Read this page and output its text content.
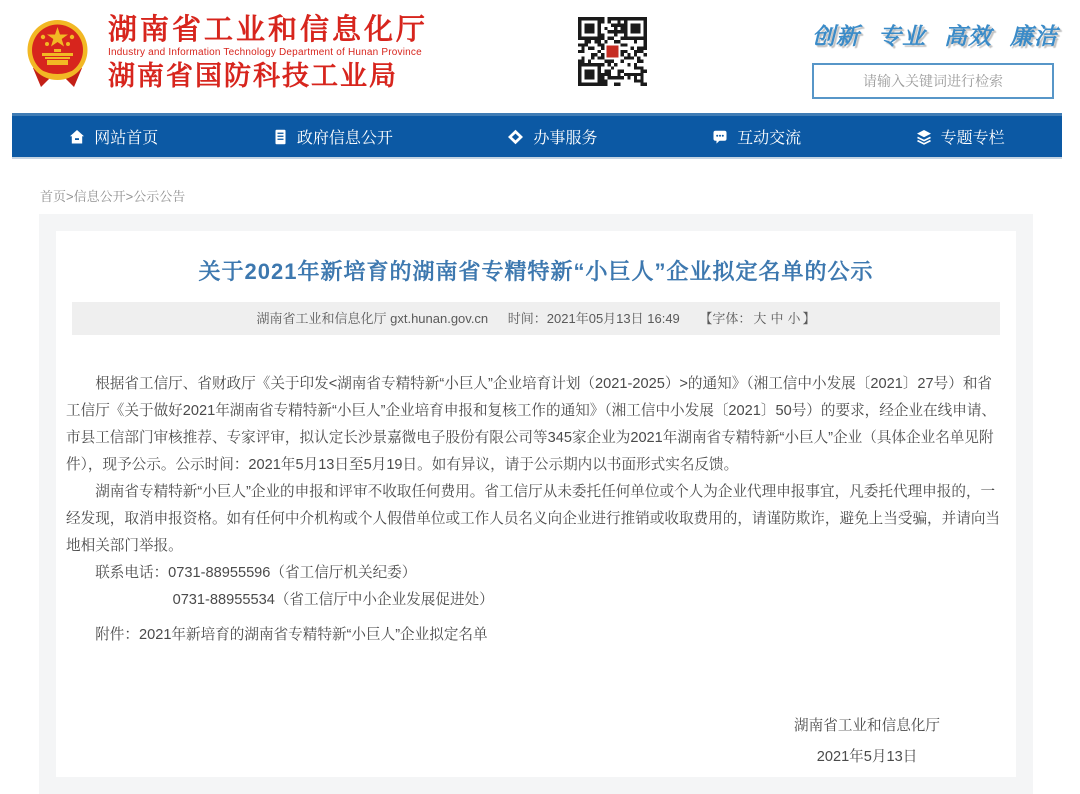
湖南省工业和信息化厅
Industry and Information Technology Department of Hunan Province
湖南省国防科技工业局
创新 专业 高效 廉洁
请输入关键词进行检索
网站首页	政府信息公开	办事服务	互动交流	专题专栏
首页>信息公开>公示公告
关于2021年新培育的湖南省专精特新“小巨人”企业拟定名单的公示
湖南省工业和信息化厅 gxt.hunan.gov.cn 时间：2021年05月13日 16:49 【字体： 大 中 小 】

根据省工信厅、省财政厅《关于印发<湖南省专精特新“小巨人”企业培育计划（2021-2025）>的通知》（湘工信中小发展〔2021〕27号）和省工信厅《关于做好2021年湖南省专精特新“小巨人”企业培育申报和复核工作的通知》（湘工信中小发展〔2021〕50号）的要求，经企业在线申请、市县工信部门审核推荐、专家评审，拟认定长沙景嘉微电子股份有限公司等345家企业为2021年湖南省专精特新“小巨人”企业（具体企业名单见附件），现予公示。公示时间：2021年5月13日至5月19日。如有异议，请于公示期内以书面形式实名反馈。

湖南省专精特新“小巨人”企业的申报和评审不收取任何费用。省工信厅从未委托任何单位或个人为企业代理申报事宜，凡委托代理申报的，一经发现，取消申报资格。如有任何中介机构或个人假借单位或工作人员名义向企业进行推销或收取费用的，请谨防欺诈，避免上当受骗，并请向当地相关部门举报。

联系电话：0731-88955596（省工信厅机关纪委）

0731-88955534（省工信厅中小企业发展促进处）

附件：2021年新培育的湖南省专精特新“小巨人”企业拟定名单

湖南省工业和信息化厅
2021年5月13日
